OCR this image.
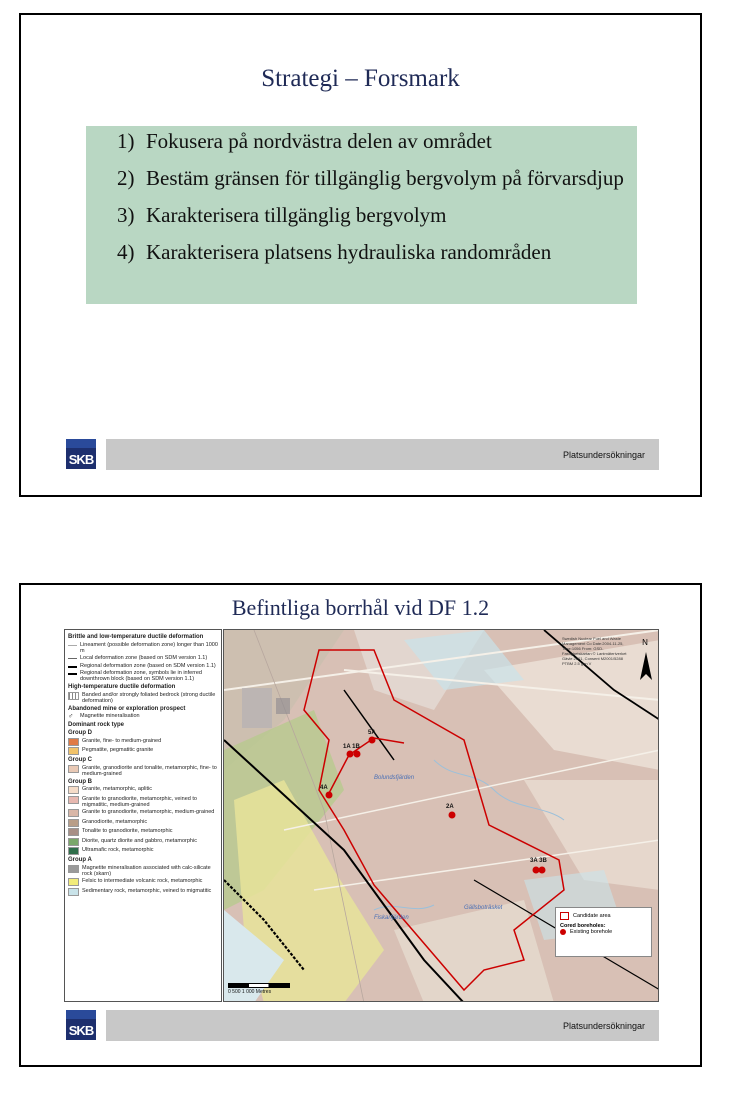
Strategi – Forsmark
1) Fokusera på nordvästra delen av området
2) Bestäm gränsen för tillgänglig bergvolym på förvarsdjup
3) Karakterisera tillgänglig bergvolym
4) Karakterisera platsens hydrauliska randområden
SKB	Platsundersökningar
Befintliga borrhål vid DF 1.2
Brittle and low-temperature ductile deformation
Lineament (possible deformation zone) longer than 1000 m
Local deformation zone (based on SDM version 1.1)
Regional deformation zone (based on SDM version 1.1)
Regional deformation zone, symbols lie in inferred downthrown block (based on SDM version 1.1)
High-temperature ductile deformation
Banded and/or strongly foliated bedrock (strong ductile deformation)
Abandoned mine or exploration prospect
♂	Magnetite mineralisation
Dominant rock type
Group D
Granite, fine- to medium-grained
Pegmatite, pegmatitic granite
Group C
Granite, granodiorite and tonalite, metamorphic, fine- to medium-grained
Group B
Granite, metamorphic, aplitic
Granite to granodiorite, metamorphic, veined to migmatitic, medium-grained
Granite to granodiorite, metamorphic, medium-grained
Granodiorite, metamorphic
Tonalite to granodiorite, metamorphic
Diorite, quartz diorite and gabbro, metamorphic
Ultramafic rock, metamorphic
Group A
Magnetite mineralisation associated with calc-silicate rock (skarn)
Felsic to intermediate volcanic rock, metamorphic
Sedimentary rock, metamorphic, veined to migmatitic
Swedish Nuclear Fuel and Waste Management Co Date:2004-11-25, Time:1056 From: GSD-Fastighetskartan © Lantmäteriverket Gävle 2001, Consent M2001/5288 PTBM 2.5 gon V
N
1A 1B
5A
4A
2A
3A 3B
Bolundsfjärden
Fiskarfjärden
Gällsboträsket
Candidate area
Cored boreholes:
Existing borehole
0 500 1 000 Metres
SKB	Platsundersökningar
